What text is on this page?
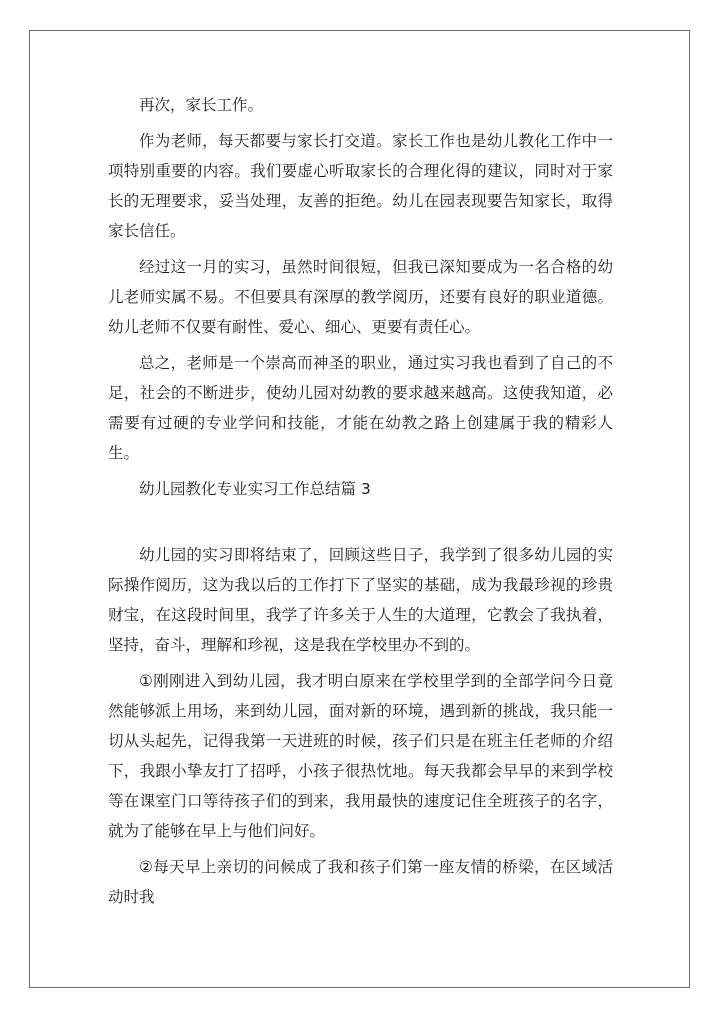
再次，家长工作。

作为老师，每天都要与家长打交道。家长工作也是幼儿教化工作中一项特别重要的内容。我们要虚心听取家长的合理化得的建议，同时对于家长的无理要求，妥当处理，友善的拒绝。幼儿在园表现要告知家长，取得家长信任。

经过这一月的实习，虽然时间很短，但我已深知要成为一名合格的幼儿老师实属不易。不但要具有深厚的教学阅历，还要有良好的职业道德。幼儿老师不仅要有耐性、爱心、细心、更要有责任心。

总之，老师是一个崇高而神圣的职业，通过实习我也看到了自己的不足，社会的不断进步，使幼儿园对幼教的要求越来越高。这使我知道，必需要有过硬的专业学问和技能，才能在幼教之路上创建属于我的精彩人生。

幼儿园教化专业实习工作总结篇 3

幼儿园的实习即将结束了，回顾这些日子，我学到了很多幼儿园的实际操作阅历，这为我以后的工作打下了坚实的基础，成为我最珍视的珍贵财宝，在这段时间里，我学了许多关于人生的大道理，它教会了我执着，坚持，奋斗，理解和珍视，这是我在学校里办不到的。

①刚刚进入到幼儿园，我才明白原来在学校里学到的全部学问今日竟然能够派上用场，来到幼儿园，面对新的环境，遇到新的挑战，我只能一切从头起先，记得我第一天进班的时候，孩子们只是在班主任老师的介绍下，我跟小挚友打了招呼，小孩子很热忱地。每天我都会早早的来到学校等在课室门口等待孩子们的到来，我用最快的速度记住全班孩子的名字，就为了能够在早上与他们问好。

②每天早上亲切的问候成了我和孩子们第一座友情的桥梁，在区域活动时我
